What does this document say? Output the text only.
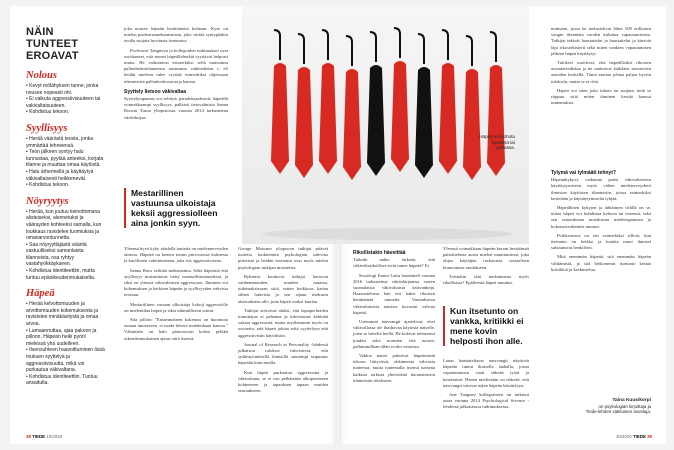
NÄIN TUNTEET EROAVAT
Nolous
• Kevyt mölähyksen tunne, jonka nousee nopeasti ohi.
• Ei vaikuta aggressiivisuuteen tai vakivaltaisuuteen.
• Kohdistuu tekoon.
Syyllisyys
• Heräå väärästä teosta, jonka ymmärtää tehneensä.
• Teon jälkeen syntyy halu tunnustaa, pyytää anteeksi, korjata tilanne ja muuttaa omaa käytöstä.
• Halu ärhennellä ja käyttäytyä väkivaltaisesti heikkenevät.
• Kohdistuu tekoon.
Nöyryytys
• Herää, kun joutuu keinottomana alisteiseksi, alennetuksi ja väärayden kohteeksi samalla, kun loukkaus ravistelee tuomiuksia ja omanarvontunnetta.
• Saa nöyryyttäjästä vääntä vastuulliseksi samanlaista tilanneista, osa ryhtyy vastahyökkäykseen.
• Kohdistuu identiteettiin, mutta tuntuu epäoikeudenmukaiselta.
Häpeä
• Herää kelvottomuuden ja arvottomuuden kokemuksesta ja ravistelee minäkäsitystä ja omaa arvoa.
• Lamaannuttaa, ajaa pakoon ja piiloon. Häpeän heiki pyörii mielessä yhä uudelleen.
• Itsensuhteen haavoittuminen lisää mukuen syyttelyä ja aggressiivisuutta, mikä voi purkautua väkivaltana.
• Kohdistuu identiteettiin. Tuntuu ansaitulta.

joka nousee häpeän herättäneitä kohtaan. Kyse on mielen puolustusmekanismista, joka siirtää syntypääkin avulla suojata hyvitusta itsetuntoa.

Professori Tangneyn ja kollegoiden tutkimukset ovat osoittaneet, että monet häpeälleherkät syyttävät helposti muita. He vaikuttavat esimerkiksi sellä maissänsa pallonheittotilanteessa uusimmin vaihtoehdon c, eli heidät mieleen tulee syyttää esimerkiksi ohjeistaan tekemisistä pallonheittovuoroja kanssa.

Syyttely lietsoo väkivaltaa

Syyttelytapumus voi selittyä, paradoksaalisesti, häpeällä voimakkaampi syyllisyys, pallaisti tietovalmista Sanna Roosin Turun yliopistossa vuonna 2014 tarkastettua väitöskirjaa.

Mestarillinen vastuunsa ulkoistaja keksii aggressiolleen aina jonkin syyn.

Yleensä hyvä kyky säädellä tunteita on mielenterveyden ainesta. Häpeää on kenien tomin piirovuossa kolmesta ja kuolliseen vakiintuneena, joka siis aggressiivisena.

Sanna Roos selittää mekanismia. Sekä häpeästä että syyllisyys muistuttavat tietty monaalfittomuudesta, ja siksi on ylionsä väkivaltaisen aggressioon. Ihminen voi kokemuksen ja hetkisen häpeän ja syyllisyyden vahvista teistaan.

Mestariilinen vastaan ulkoistaja kokoji aggressiolle on mielentilaa häpeä ja siksi inhimillisesti toimii.

Sitä jolloin: "Ensimmäinen kokemus on huomiota omaan tunteeseen, ei tuoda hävetä muidenkaan kanssa." Vähintään on halu päinvastoin kokea pelkkä oikeudenmukainen ajatus siitä itsensä.

George Masonin yliopiston tutkijat pitävät tuotetta luokitemitä psykologian tulevina piirteistä ja heidän teoriansa ovat myös mielen psykologian tutkijan muisteista.

Ryhmiin kuuluvat tutkijat kertovat vanhemmuuden, muiden muassa, tutkimuksissaan siitä, miten heikkous kattaa siihen laitteista ja sen sijaan itsekurin alaisuuksien alle, joita häpeä osaksi kuuluu.

Tutkijat arvioivat aluksi, että lapsiperheiden toimittajaa ei pahenna ja tulevaisuus kehittää vakaat aggressiota, mutta myöhemmin myös on osoitettu, että häpeä johtaa sekä syyttelyyn että aggressiivisiin käytöksiin.

Journal of Research in Personality -lehdessä julkaistut tulokset vahvistivat, että sydäntyönteisillä ihmisillä suurempi taipumus häpeään kuin muilla.

Kun häpeä purkautuu aggressiona ja väkivaltana, se ei osu pelkästään alkuperäiseen kohteeseen ja tapauksen tapaan muiden seuraukseen.

38 TIEDE 10/2020
Rikollistakin häveittää

Tutkukt naiko tärkeää, että väkivaltarikolliset eivät tunne häpeää? Ei.

Sosiologi Emmi Lattu haastatteli vuonna 2016 tarkastettua väitöskirjaansa varten suomalaisia väkivaltaisia naisvankeja. Haastattelussa hän etti kaksi rikosten herättämää tunnetta. Vastauksissa väkivaltaisista naisista kuvastui vahvaa häpeää.

Useimmat naisvangit ajattelivat, ettei väkivallassa ole ihailtavaa käytöstä naiselle, joten se häveltä heillä. He kokivat tehneensä jotakin sekä normien että naisen, palhimmillaan ällän roolin vastaista.

Vakkia naiset puhuivat häpeämästä tekoon liittyvästä, ehkäneesta vahvasta tunteesta, mutta tuntemalla itsensä naisena kaikista tarkista yhteisöistä huomattaviin tilanteisiin rikokseen.

Yleensä voimakkaan häpeän kerran herättämät pahoittelusta aurea mielen muuttumisen, joka ohjaa käyttäjän raskavasta sosiaalisen kuntoutusta saadakseen.

Toisinkin tätä mekanismia myös rikollisista? Epäileestä häpeä muuttui.

Kun itsetunto on vankka, kritiikki ei mene kovin helposti ihon alle.

Latun haastateltavat naisvangit näyttivät häpeäin tuntui ikuisella taakalla, joista vapautuminen vaati sitkeää työtä ja kestämistä. Hänen mielestään on tärkeää, että naisvangit saisivat tukea häpeän käsittelyyn.

Ane Tangney kollegoineen on tutkinut asiaa vuonna 2014 Psychological Science -lehdessä julkaistussa tutkimuksessa.

mukseen, jossa he tarkastelivat lähes 500 erillaisen vangin tilannetta vuoden kuluttua vapautumisesta. Tutkijat tekivät haastattelut ja haastattelut ja kävivät läpi rikosrekisterit sekä miten vankien vapautumisen jälkeen häpeä käyttäytyi.

Tulokset osoittivat, että häpeällisiksi rikosten uusintaresiikkaa ja ne saattoivat kaikkien seuraavien asioiden keskellä. Tämä saattaa johtaa paljon hyviin tuloksiin, mutta se ei riitä.

Häpeä voi siten joko tuhota tai suojata, mitä se riippuu siitä miten ihminen kestää kanssa tuntemuksia.

Tylymä vai tylmääti tehnyt?

Häpeänkykyvy vaikuttaa paitsi väkivaltaiseen käyttäytymiseen myös välien mieleterveydesti ihmisten käytösten tilanteisiin, joissa esimerkiksi kestetään ja käyttäytymiseltä tyhjää.

Häpeällinen kykyjen ja tähtäimen välillä on se, miten häpeä voi kohdistaa kehoon tai itseensä, sekä sen seurauksena muodostuu mieleenpainuva ja kokonaisvaltainen muutos.

Poikkeavuus on siis esimerkiksi silloin, kun itsetunto on heikko ja kuinka muut ihmiset suhtautuvat henkilöön.

Mitä enemmän häpeää, sitä enemmän häpeän välttämistä, ja sitä heikommin itsetunto kestää kritiikkiä ja keskustelua.

Taina Kuusikorpi
on psykologian kirjoittaja ja
Tiede-lehden vakituinen avustaja.
10/2020 TIEDE 39
Häpeä voi kohota hyvässä tai pahassa.
